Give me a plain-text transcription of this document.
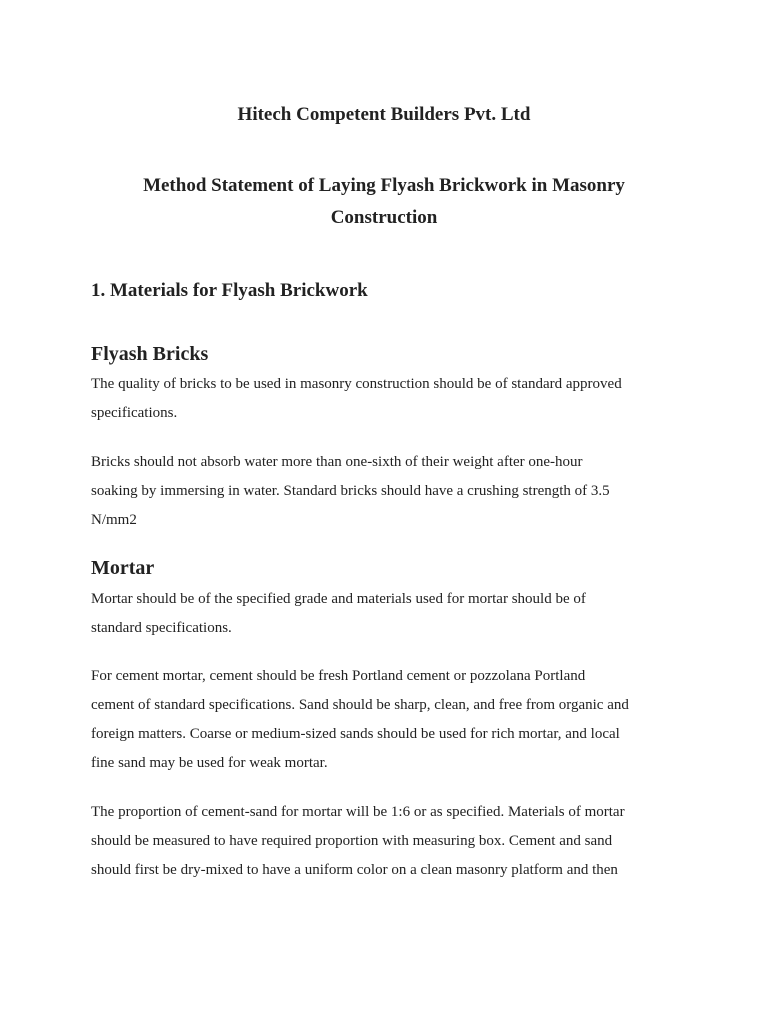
Hitech Competent Builders Pvt. Ltd
Method Statement of Laying Flyash Brickwork in Masonry
Construction
1. Materials for Flyash Brickwork
Flyash Bricks

The quality of bricks to be used in masonry construction should be of standard approved
specifications.

Bricks should not absorb water more than one-sixth of their weight after one-hour
soaking by immersing in water. Standard bricks should have a crushing strength of 3.5
N/mm2

Mortar

Mortar should be of the specified grade and materials used for mortar should be of
standard specifications.

For cement mortar, cement should be fresh Portland cement or pozzolana Portland
cement of standard specifications. Sand should be sharp, clean, and free from organic and
foreign matters. Coarse or medium-sized sands should be used for rich mortar, and local
fine sand may be used for weak mortar.

The proportion of cement-sand for mortar will be 1:6 or as specified. Materials of mortar
should be measured to have required proportion with measuring box. Cement and sand
should first be dry-mixed to have a uniform color on a clean masonry platform and then
